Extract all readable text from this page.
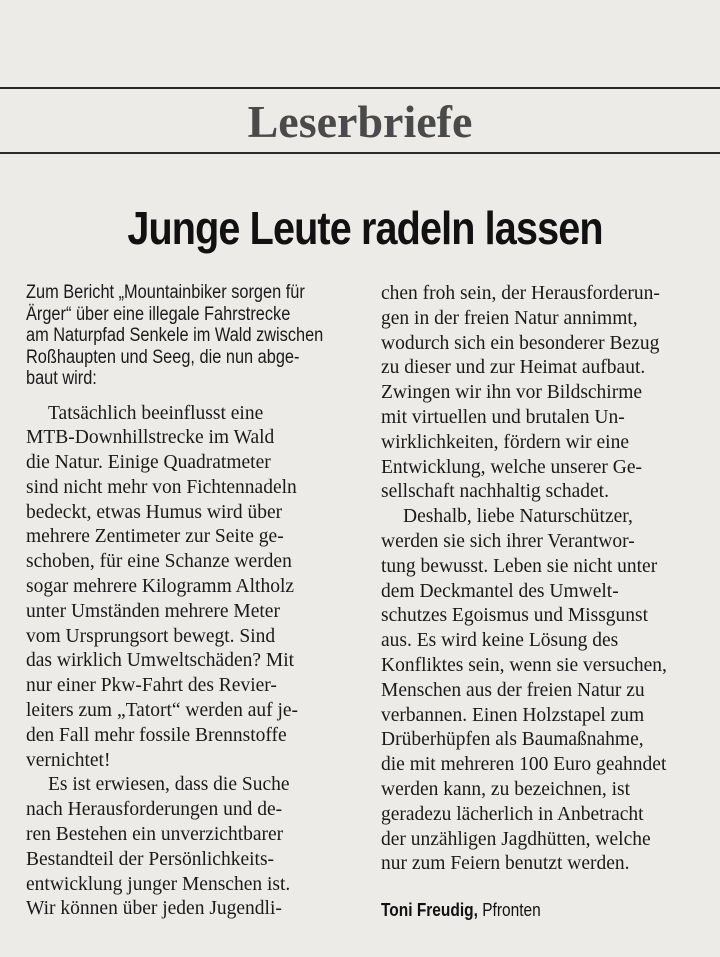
Leserbriefe
Junge Leute radeln lassen
Zum Bericht „Mountainbiker sorgen für
Ärger“ über eine illegale Fahrstrecke
am Naturpfad Senkele im Wald zwischen
Roßhaupten und Seeg, die nun abge-
baut wird:
Tatsächlich beeinflusst eine
MTB-Downhillstrecke im Wald
die Natur. Einige Quadratmeter
sind nicht mehr von Fichtennadeln
bedeckt, etwas Humus wird über
mehrere Zentimeter zur Seite ge-
schoben, für eine Schanze werden
sogar mehrere Kilogramm Altholz
unter Umständen mehrere Meter
vom Ursprungsort bewegt. Sind
das wirklich Umweltschäden? Mit
nur einer Pkw-Fahrt des Revier-
leiters zum „Tatort“ werden auf je-
den Fall mehr fossile Brennstoffe
vernichtet!
Es ist erwiesen, dass die Suche
nach Herausforderungen und de-
ren Bestehen ein unverzichtbarer
Bestandteil der Persönlichkeits-
entwicklung junger Menschen ist.
Wir können über jeden Jugendli-
chen froh sein, der Herausforderun-
gen in der freien Natur annimmt,
wodurch sich ein besonderer Bezug
zu dieser und zur Heimat aufbaut.
Zwingen wir ihn vor Bildschirme
mit virtuellen und brutalen Un-
wirklichkeiten, fördern wir eine
Entwicklung, welche unserer Ge-
sellschaft nachhaltig schadet.
Deshalb, liebe Naturschützer,
werden sie sich ihrer Verantwor-
tung bewusst. Leben sie nicht unter
dem Deckmantel des Umwelt-
schutzes Egoismus und Missgunst
aus. Es wird keine Lösung des
Konfliktes sein, wenn sie versuchen,
Menschen aus der freien Natur zu
verbannen. Einen Holzstapel zum
Drüberhüpfen als Baumaßnahme,
die mit mehreren 100 Euro geahndet
werden kann, zu bezeichnen, ist
geradezu lächerlich in Anbetracht
der unzähligen Jagdhütten, welche
nur zum Feiern benutzt werden.
Toni Freudig, Pfronten
